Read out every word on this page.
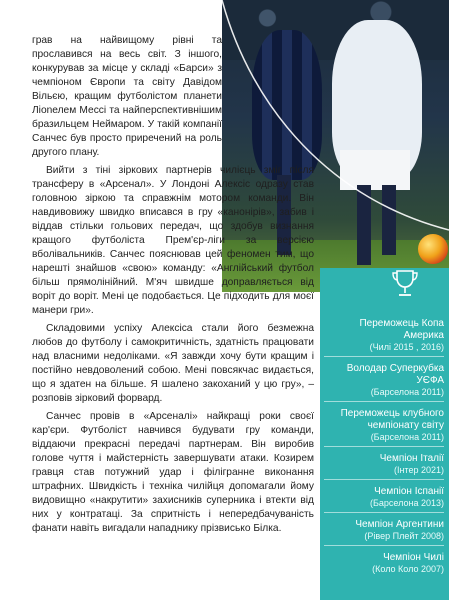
грав на найвищому рівні та прославився на весь світ. З іншого, конкурував за місце у складі «Барси» з чемпіоном Європи та світу Давідом Вільєю, кращим футболістом планети Лionелем Мессі та найперспективнішим бразильцем Неймаром. У такій компанії Санчес був просто приречений на роль другого плану.

Вийти з тіні зіркових партнерів чилієць зміг після трансферу в «Арсенал». У Лондоні Алексіс одразу став головною зіркою та справжнім мотором команди. Він навдивовижу швидко вписався в гру «канонірів», забив і віддав стільки гольових передач, що здобув визнання кращого футболіста Прем'єр-ліги за версією вболівальників. Санчес пояснював цей феномен тим, що нарешті знайшов «свою» команду: «Англійський футбол більш прямолінійний. М'яч швидше доправляється від воріт до воріт. Мені це подобається. Це підходить для моєї манери гри».

Складовими успіху Алексіса стали його безмежна любов до футболу і самокритичність, здатність працювати над власними недоліками. «Я завжди хочу бути кращим і постійно невдоволений собою. Мені повсякчас видається, що я здатен на більше. Я шалено закоханий у цю гру», – розповів зірковий форвард.

Санчес провів в «Арсеналі» найкращі роки своєї кар'єри. Футболіст навчився будувати гру команди, віддаючи прекрасні передачі партнерам. Він виробив голове чуття і майстерність завершувати атаки. Козирем гравця став потужний удар і філігранне виконання штрафних. Швидкість і техніка чилійця допомагали йому видовищно «накрутити» захисників суперника і втекти від них у контратаці. За спритність і непередбачуваність фанати навіть вигадали нападнику прізвисько Білка.

Переможець Копа Америка
(Чилі 2015 , 2016)
Володар Суперкубка УЄФА
(Барселона 2011)
Переможець клубного чемпіонату світу
(Барселона 2011)
Чемпіон Італії
(Інтер 2021)
Чемпіон Іспанії
(Барселона 2013)
Чемпіон Аргентини
(Рівер Плейт 2008)
Чемпіон Чилі
(Коло Коло 2007)
